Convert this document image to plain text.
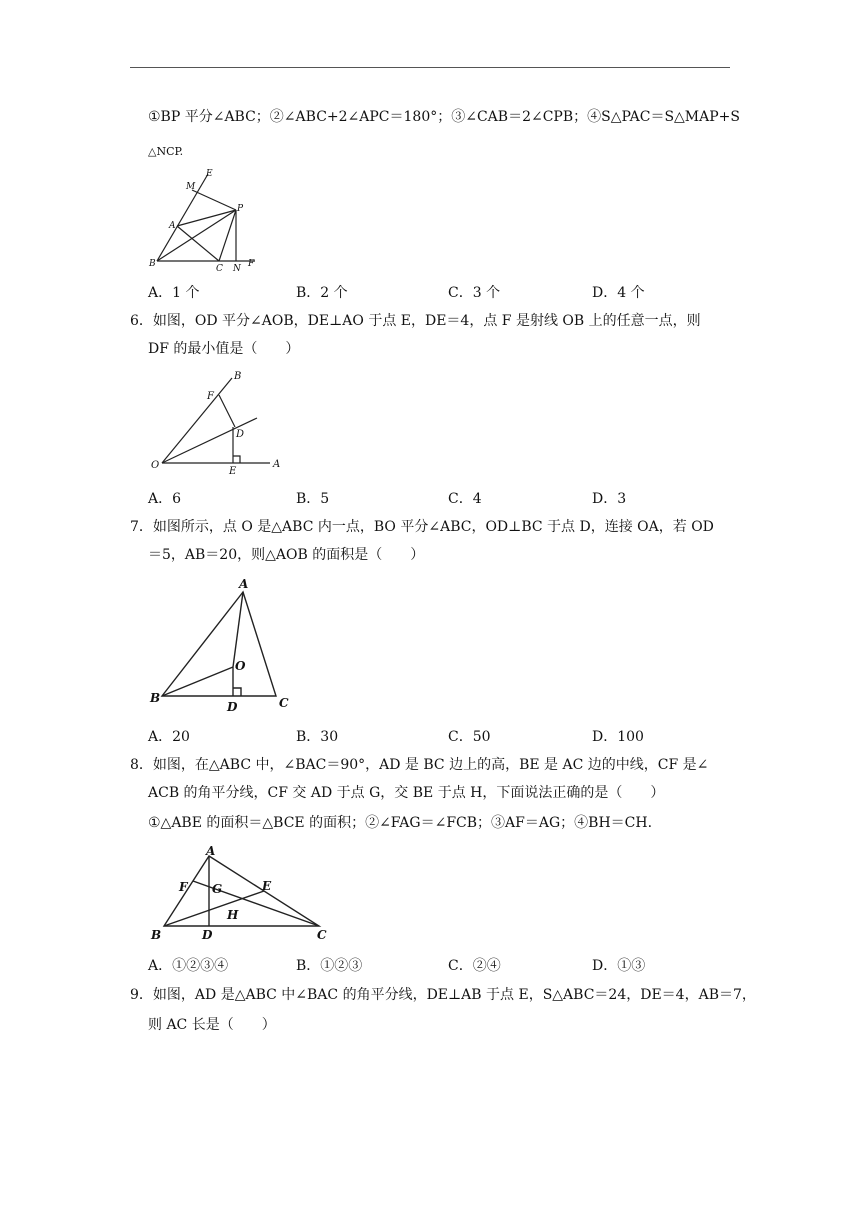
①BP 平分∠ABC；②∠ABC+2∠APC＝180°；③∠CAB＝2∠CPB；④S△PAC＝S△MAP+S
△NCP.
E
M
P
A
B	C N F
A．1 个	B．2 个	C．3 个	D．4 个
6．如图，OD 平分∠AOB，DE⊥AO 于点 E，DE＝4，点 F 是射线 OB 上的任意一点，则
DF 的最小值是（　　）
B
F
D
O
E
A
A．6	B．5	C．4	D．3
7．如图所示，点 O 是△ABC 内一点，BO 平分∠ABC，OD⊥BC 于点 D，连接 OA，若 OD
＝5，AB＝20，则△AOB 的面积是（　　）
A
O
B
D	C
A．20	B．30	C．50	D．100
8．如图，在△ABC 中，∠BAC＝90°，AD 是 BC 边上的高，BE 是 AC 边的中线，CF 是∠
ACB 的角平分线，CF 交 AD 于点 G，交 BE 于点 H，下面说法正确的是（　　）
①△ABE 的面积＝△BCE 的面积；②∠FAG＝∠FCB；③AF＝AG；④BH＝CH.
A
F G	E
H
B	D	C
A．①②③④	B．①②③	C．②④	D．①③
9．如图，AD 是△ABC 中∠BAC 的角平分线，DE⊥AB 于点 E，S△ABC＝24，DE＝4，AB＝7，
则 AC 长是（　　）
